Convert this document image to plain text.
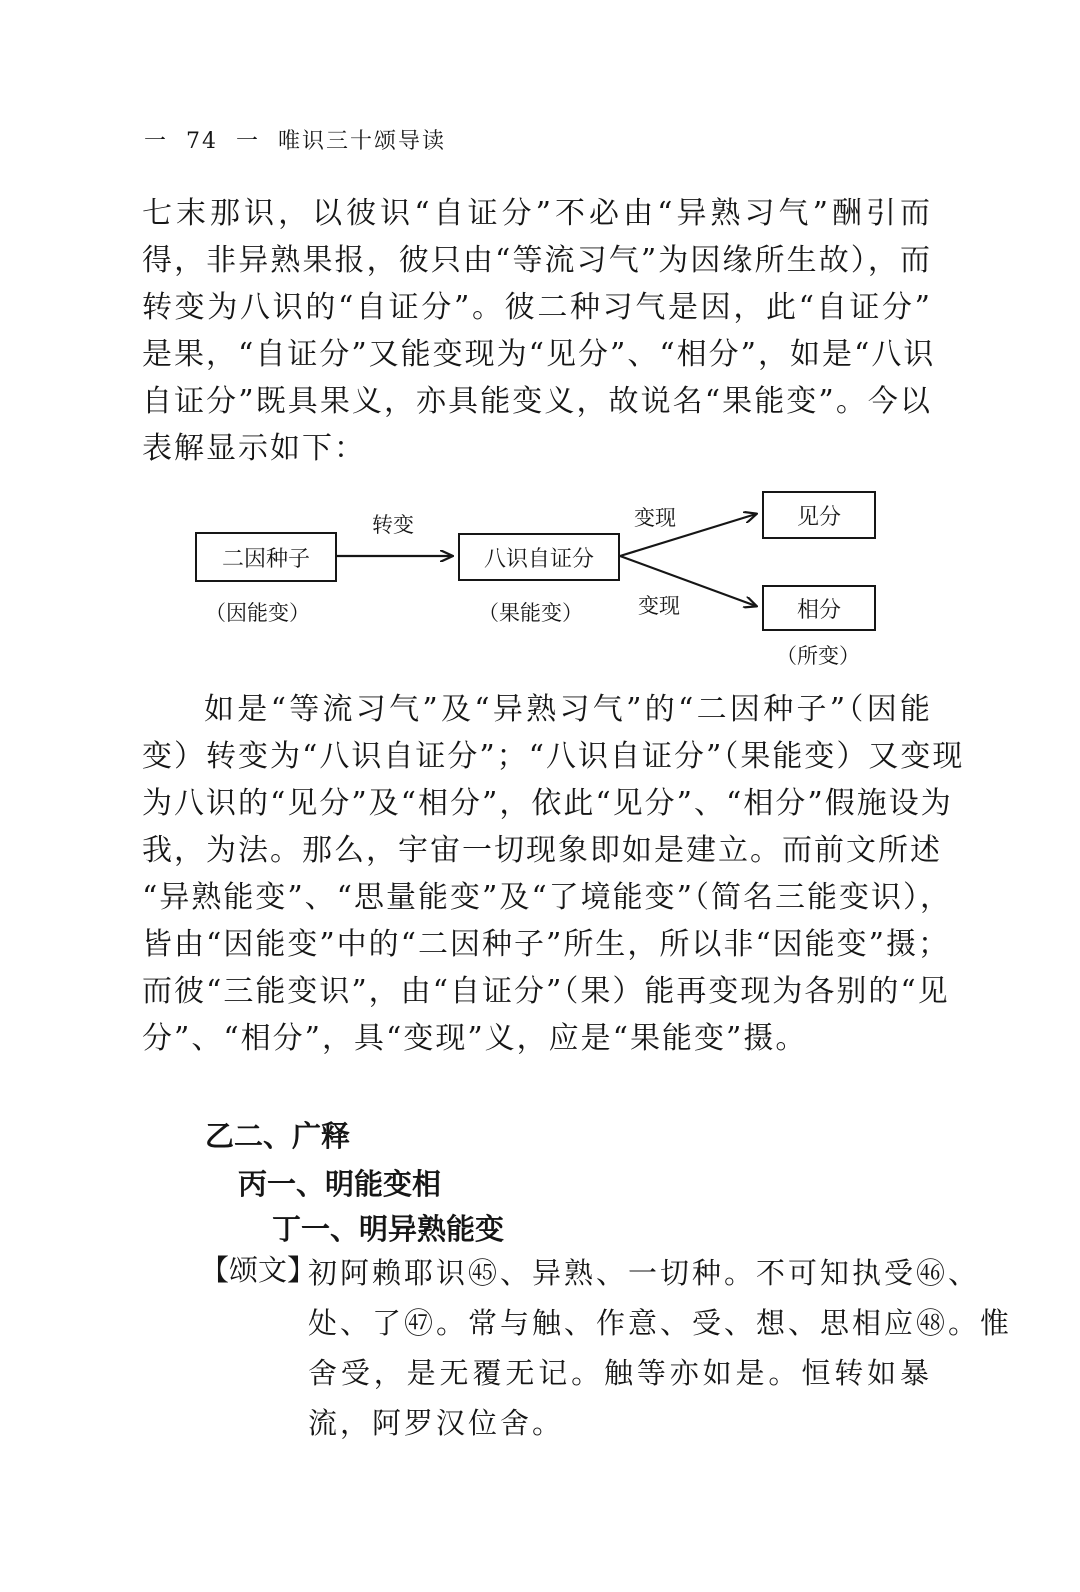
一  74  一  唯识三十颂导读
七末那识，以彼识“自证分”不必由“异熟习气”酬引而
得，非异熟果报，彼只由“等流习气”为因缘所生故），而
转变为八识的“自证分”。彼二种习气是因，此“自证分”
是果，“自证分”又能变现为“见分”、“相分”，如是“八识
自证分”既具果义，亦具能变义，故说名“果能变”。今以
表解显示如下：
二因种子	八识自证分
见分
相分
转变	变现
变现
（因能变）	（果能变）
（所变）
如是“等流习气”及“异熟习气”的“二因种子”（因能
变）转变为“八识自证分”；“八识自证分”（果能变）又变现
为八识的“见分”及“相分”，依此“见分”、“相分”假施设为
我，为法。那么，宇宙一切现象即如是建立。而前文所述
“异熟能变”、“思量能变”及“了境能变”（简名三能变识），
皆由“因能变”中的“二因种子”所生，所以非“因能变”摄；
而彼“三能变识”，由“自证分”（果）能再变现为各别的“见
分”、“相分”，具“变现”义，应是“果能变”摄。
乙二、广释
丙一、明能变相
丁一、明异熟能变
【颂文】
初阿赖耶识㊺、异熟、一切种。不可知执受㊻、
处、了㊼。常与触、作意、受、想、思相应㊽。惟
舍受，是无覆无记。触等亦如是。恒转如暴
流，阿罗汉位舍。
